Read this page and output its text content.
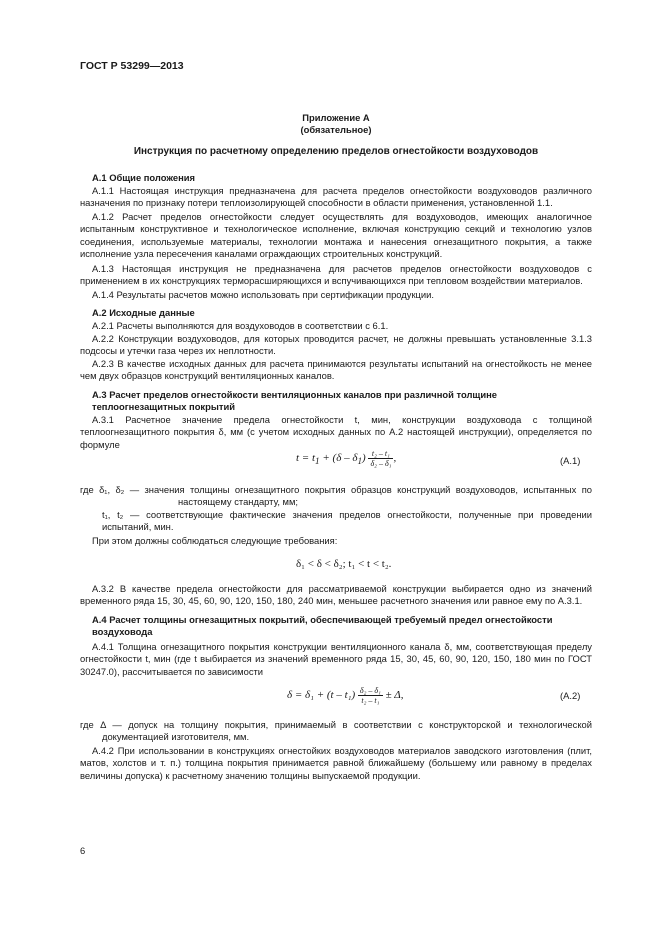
ГОСТ Р 53299—2013
Приложение А
(обязательное)
Инструкция по расчетному определению пределов огнестойкости воздуховодов
А.1 Общие положения
А.1.1 Настоящая инструкция предназначена для расчета пределов огнестойкости воздуховодов различного назначения по признаку потери теплоизолирующей способности в области применения, установленной 1.1.
А.1.2 Расчет пределов огнестойкости следует осуществлять для воздуховодов, имеющих аналогичное испытанным конструктивное и технологическое исполнение, включая конструкцию секций и технологию узлов соединения, используемые материалы, технологии монтажа и нанесения огнезащитного покрытия, а также исполнение узла пересечения каналами ограждающих строительных конструкций.
А.1.3 Настоящая инструкция не предназначена для расчетов пределов огнестойкости воздуховодов с применением в их конструкциях терморасширяющихся и вспучивающихся при тепловом воздействии материалов.
А.1.4 Результаты расчетов можно использовать при сертификации продукции.
А.2 Исходные данные
А.2.1 Расчеты выполняются для воздуховодов в соответствии с 6.1.
А.2.2 Конструкции воздуховодов, для которых проводится расчет, не должны превышать установленные 3.1.3 подсосы и утечки газа через их неплотности.
А.2.3 В качестве исходных данных для расчета принимаются результаты испытаний на огнестойкость не менее чем двух образцов конструкций вентиляционных каналов.
А.3 Расчет пределов огнестойкости вентиляционных каналов при различной толщине
теплоогнезащитных покрытий
А.3.1 Расчетное значение предела огнестойкости t, мин, конструкции воздуховода с толщиной теплоогнезащитного покрытия δ, мм (с учетом исходных данных по А.2 настоящей инструкции), определяется по формуле
$t = t_1 + (\delta - \delta_1) \frac{\text{t₂ – t₁}}{\text{δ₂ – δ₁}}$ ,	(А.1)
где δ₁, δ₂ — значения толщины огнезащитного покрытия образцов конструкций воздуховодов, испытанных по настоящему стандарту, мм;
t₁, t₂ — соответствующие фактические значения пределов огнестойкости, полученные при проведении испытаний, мин.
При этом должны соблюдаться следующие требования:
δ₁ < δ < δ₂; t₁ < t < t₂.
А.3.2 В качестве предела огнестойкости для рассматриваемой конструкции выбирается одно из значений временного ряда 15, 30, 45, 60, 90, 120, 150, 180, 240 мин, меньшее расчетного значения или равное ему по А.3.1.
А.4 Расчет толщины огнезащитных покрытий, обеспечивающей требуемый предел огнестойкости
воздуховода
А.4.1 Толщина огнезащитного покрытия конструкции вентиляционного канала δ, мм, соответствующая пределу огнестойкости t, мин (где t выбирается из значений временного ряда 15, 30, 45, 60, 90, 120, 150, 180 мин по ГОСТ 30247.0), рассчитывается по зависимости
$\delta = \delta_1 + (t - t_1) \frac{\text{δ₂ – δ₁}}{\text{t₂ – t₁}} \pm \Delta$,	(А.2)
где Δ — допуск на толщину покрытия, принимаемый в соответствии с конструкторской и технологической документацией изготовителя, мм.
А.4.2 При использовании в конструкциях огнестойких воздуховодов материалов заводского изготовления (плит, матов, холстов и т. п.) толщина покрытия принимается равной ближайшему (большему или равному в пределах величины допуска) к расчетному значению толщины выпускаемой продукции.
6
